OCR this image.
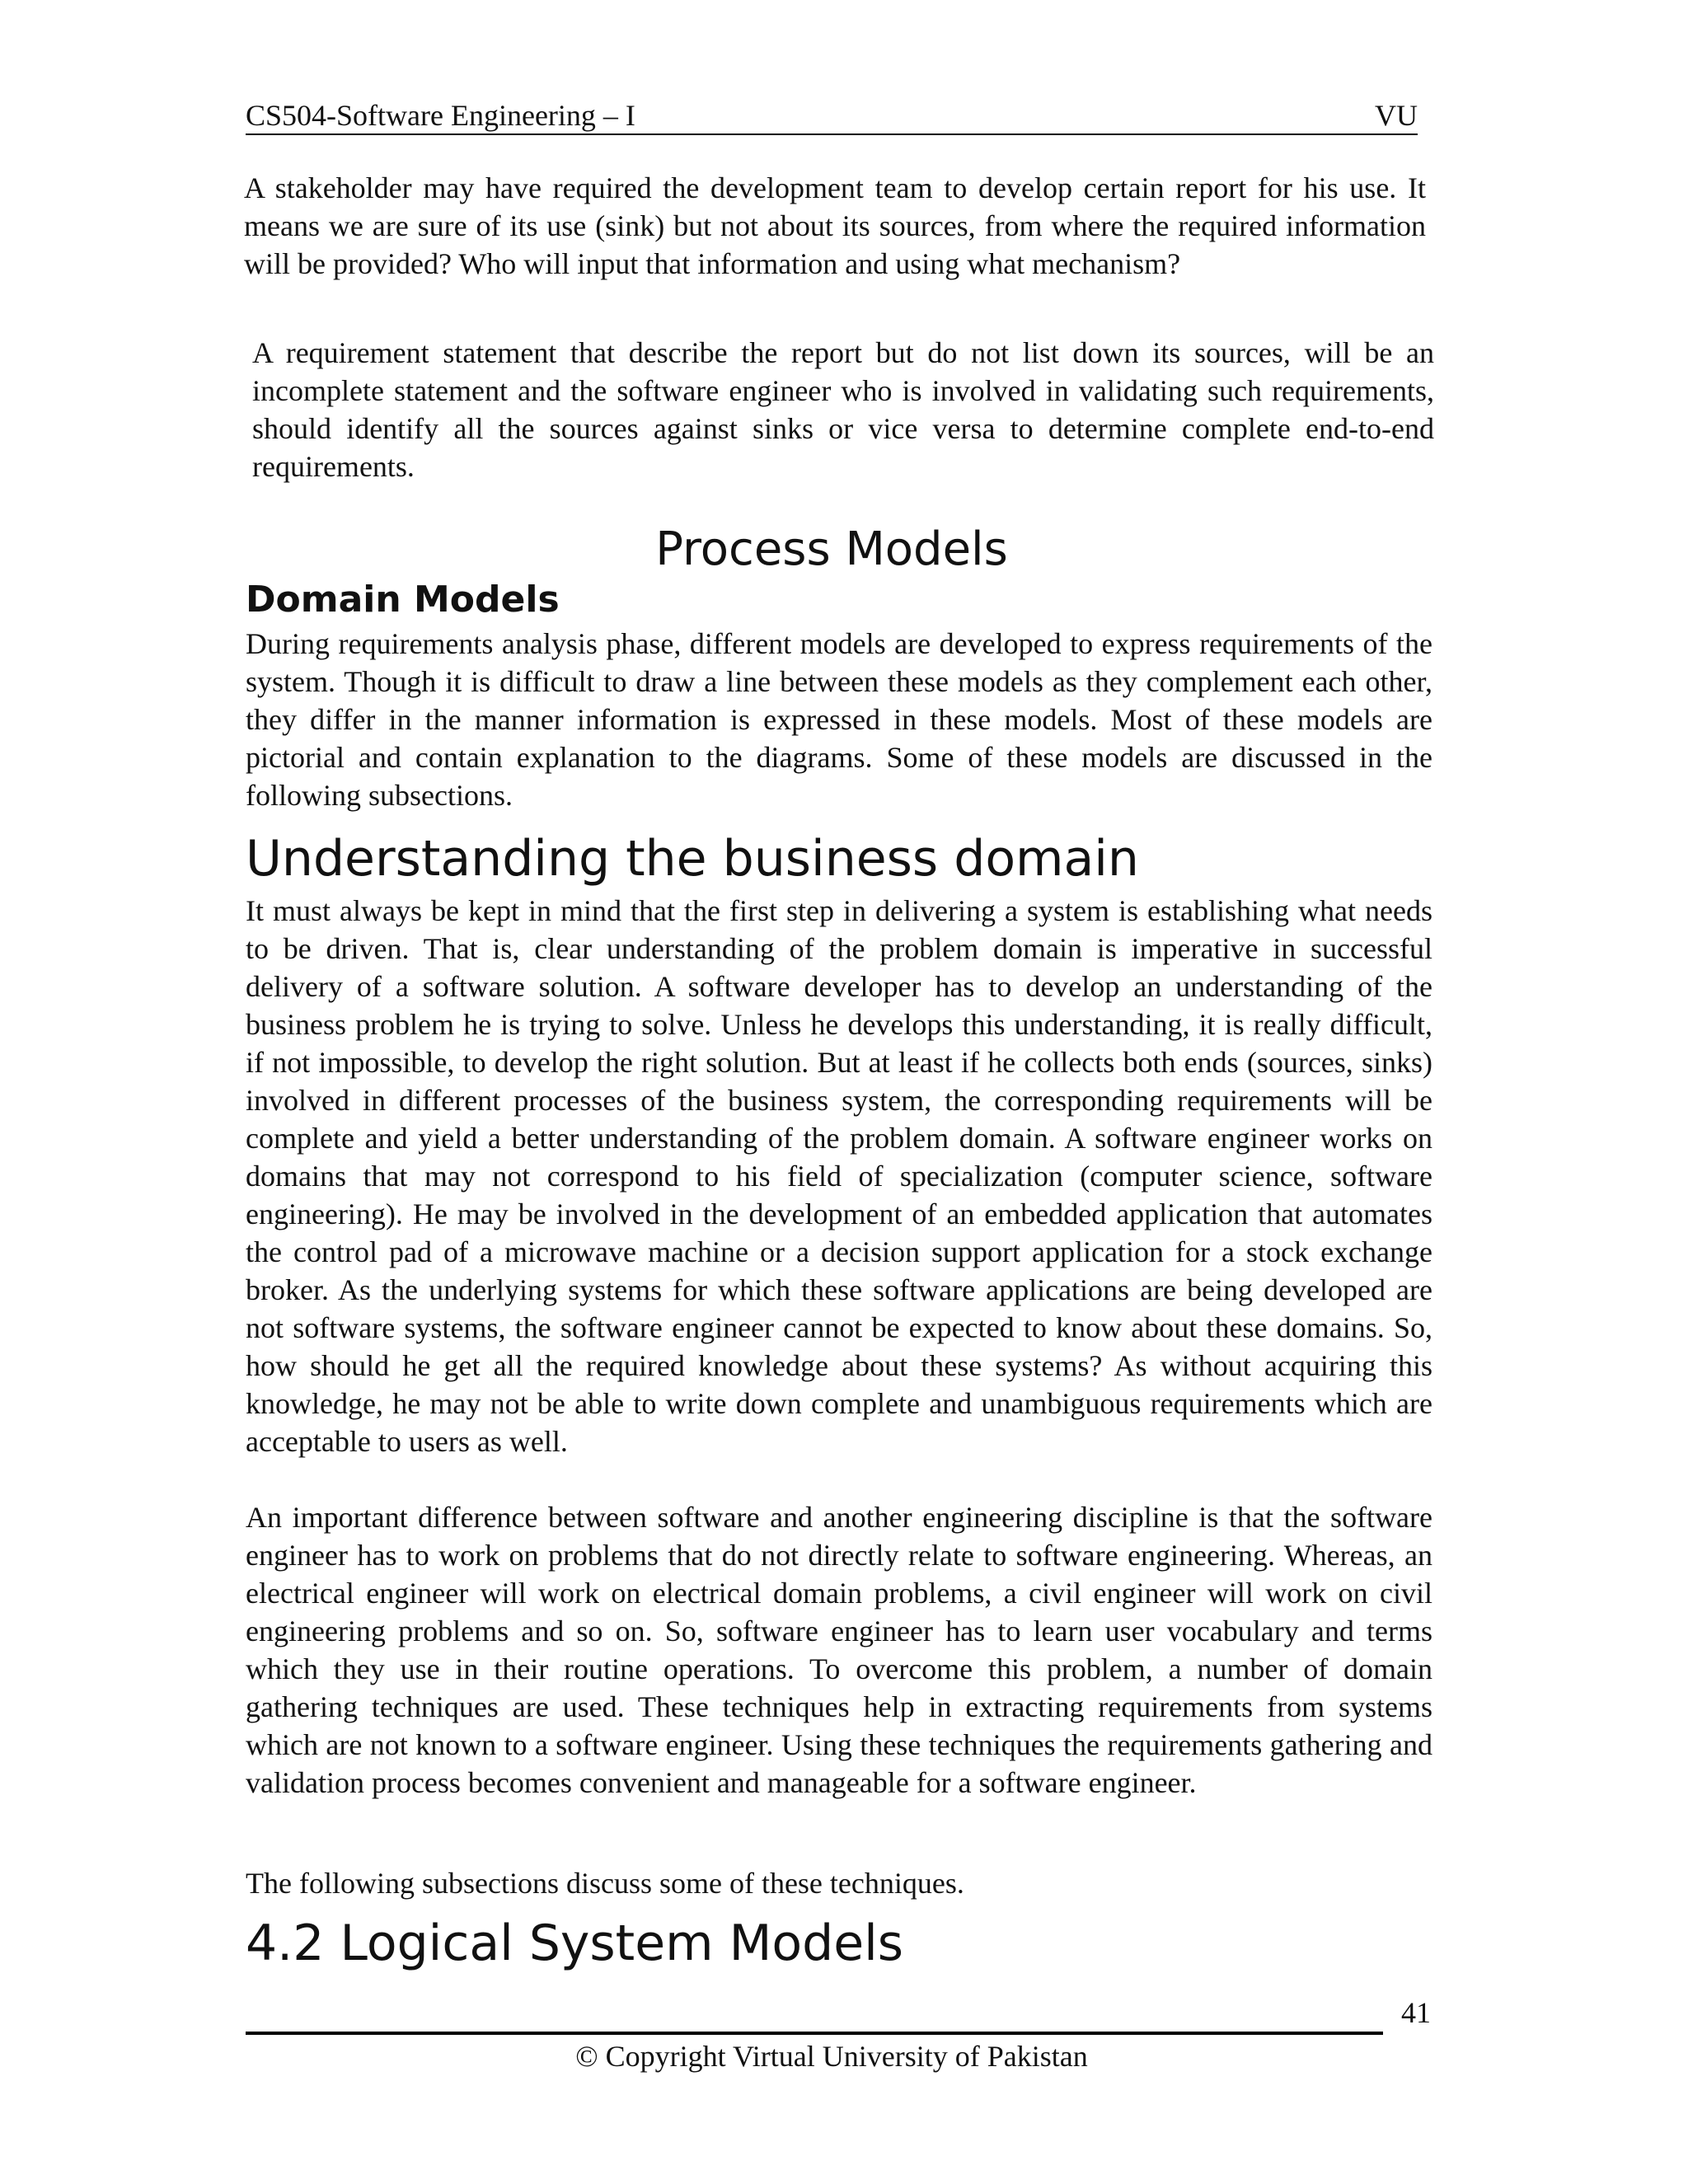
CS504-Software Engineering – I	VU

A stakeholder may have required the development team to develop certain report for his use. It means we are sure of its use (sink) but not about its sources, from where the required information will be provided? Who will input that information and using what mechanism?

A requirement statement that describe the report but do not list down its sources, will be an incomplete statement and the software engineer who is involved in validating such requirements, should identify all the sources against sinks or vice versa to determine complete end-to-end requirements.

Process Models
Domain Models

During requirements analysis phase, different models are developed to express requirements of the system. Though it is difficult to draw a line between these models as they complement each other, they differ in the manner information is expressed in these models. Most of these models are pictorial and contain explanation to the diagrams. Some of these models are discussed in the following subsections.

Understanding the business domain

It must always be kept in mind that the first step in delivering a system is establishing what needs to be driven. That is, clear understanding of the problem domain is imperative in successful delivery of a software solution. A software developer has to develop an understanding of the business problem he is trying to solve. Unless he develops this understanding, it is really difficult, if not impossible, to develop the right solution. But at least if he collects both ends (sources, sinks) involved in different processes of the business system, the corresponding requirements will be complete and yield a better understanding of the problem domain. A software engineer works on domains that may not correspond to his field of specialization (computer science, software engineering). He may be involved in the development of an embedded application that automates the control pad of a microwave machine or a decision support application for a stock exchange broker. As the underlying systems for which these software applications are being developed are not software systems, the software engineer cannot be expected to know about these domains. So, how should he get all the required knowledge about these systems? As without acquiring this knowledge, he may not be able to write down complete and unambiguous requirements which are acceptable to users as well.

An important difference between software and another engineering discipline is that the software engineer has to work on problems that do not directly relate to software engineering. Whereas, an electrical engineer will work on electrical domain problems, a civil engineer will work on civil engineering problems and so on. So, software engineer has to learn user vocabulary and terms which they use in their routine operations. To overcome this problem, a number of domain gathering techniques are used. These techniques help in extracting requirements from systems which are not known to a software engineer. Using these techniques the requirements gathering and validation process becomes convenient and manageable for a software engineer.

The following subsections discuss some of these techniques.

4.2 Logical System Models
41
© Copyright Virtual University of Pakistan
